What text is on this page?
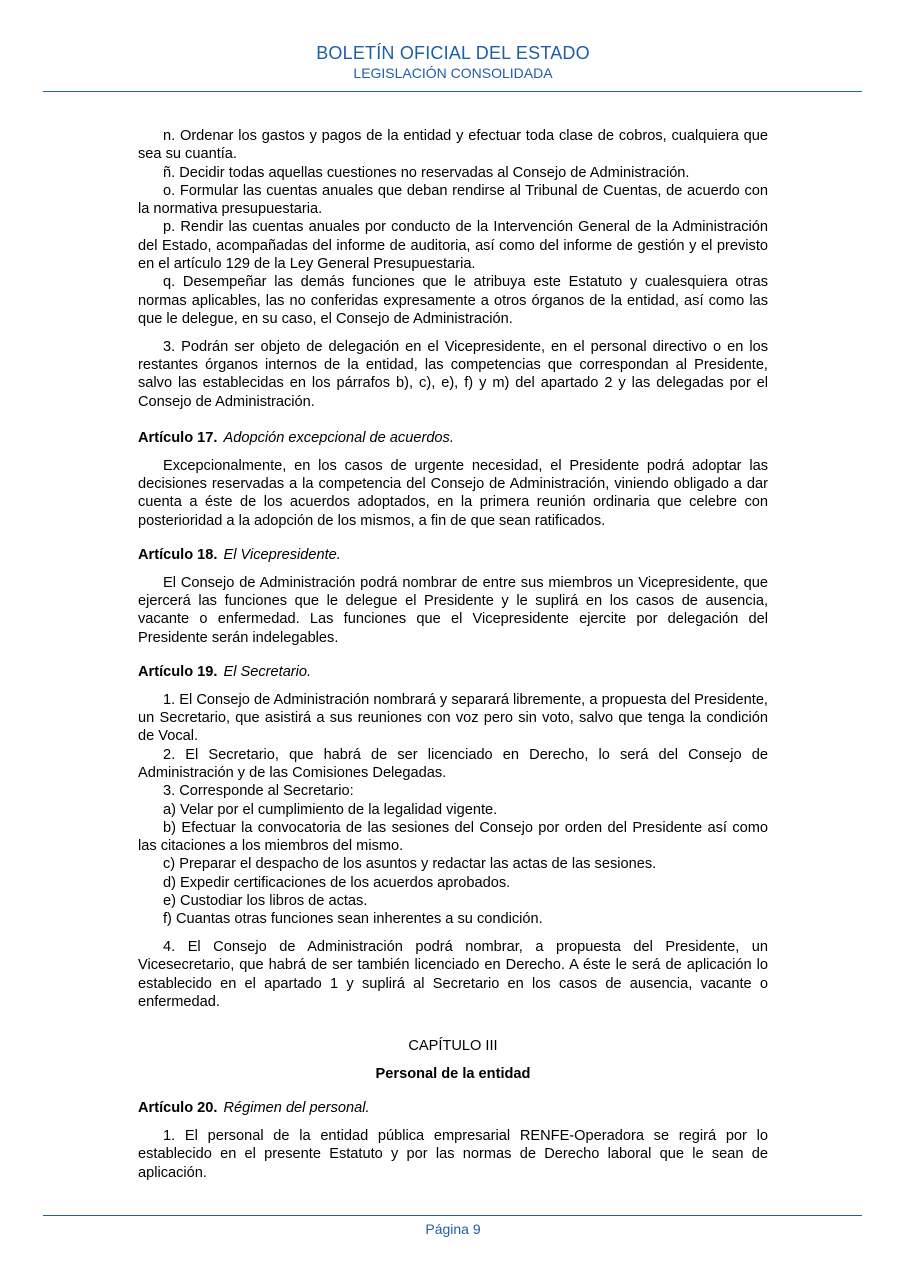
BOLETÍN OFICIAL DEL ESTADO
LEGISLACIÓN CONSOLIDADA

n. Ordenar los gastos y pagos de la entidad y efectuar toda clase de cobros, cualquiera que sea su cuantía.

ñ. Decidir todas aquellas cuestiones no reservadas al Consejo de Administración.

o. Formular las cuentas anuales que deban rendirse al Tribunal de Cuentas, de acuerdo con la normativa presupuestaria.

p. Rendir las cuentas anuales por conducto de la Intervención General de la Administración del Estado, acompañadas del informe de auditoria, así como del informe de gestión y el previsto en el artículo 129 de la Ley General Presupuestaria.

q. Desempeñar las demás funciones que le atribuya este Estatuto y cualesquiera otras normas aplicables, las no conferidas expresamente a otros órganos de la entidad, así como las que le delegue, en su caso, el Consejo de Administración.

3. Podrán ser objeto de delegación en el Vicepresidente, en el personal directivo o en los restantes órganos internos de la entidad, las competencias que correspondan al Presidente, salvo las establecidas en los párrafos b), c), e), f) y m) del apartado 2 y las delegadas por el Consejo de Administración.

Artículo 17. Adopción excepcional de acuerdos.

Excepcionalmente, en los casos de urgente necesidad, el Presidente podrá adoptar las decisiones reservadas a la competencia del Consejo de Administración, viniendo obligado a dar cuenta a éste de los acuerdos adoptados, en la primera reunión ordinaria que celebre con posterioridad a la adopción de los mismos, a fin de que sean ratificados.

Artículo 18. El Vicepresidente.

El Consejo de Administración podrá nombrar de entre sus miembros un Vicepresidente, que ejercerá las funciones que le delegue el Presidente y le suplirá en los casos de ausencia, vacante o enfermedad. Las funciones que el Vicepresidente ejercite por delegación del Presidente serán indelegables.

Artículo 19. El Secretario.

1. El Consejo de Administración nombrará y separará libremente, a propuesta del Presidente, un Secretario, que asistirá a sus reuniones con voz pero sin voto, salvo que tenga la condición de Vocal.

2. El Secretario, que habrá de ser licenciado en Derecho, lo será del Consejo de Administración y de las Comisiones Delegadas.

3. Corresponde al Secretario:

a) Velar por el cumplimiento de la legalidad vigente.

b) Efectuar la convocatoria de las sesiones del Consejo por orden del Presidente así como las citaciones a los miembros del mismo.

c) Preparar el despacho de los asuntos y redactar las actas de las sesiones.

d) Expedir certificaciones de los acuerdos aprobados.

e) Custodiar los libros de actas.

f) Cuantas otras funciones sean inherentes a su condición.

4. El Consejo de Administración podrá nombrar, a propuesta del Presidente, un Vicesecretario, que habrá de ser también licenciado en Derecho. A éste le será de aplicación lo establecido en el apartado 1 y suplirá al Secretario en los casos de ausencia, vacante o enfermedad.

CAPÍTULO III

Personal de la entidad

Artículo 20. Régimen del personal.

1. El personal de la entidad pública empresarial RENFE-Operadora se regirá por lo establecido en el presente Estatuto y por las normas de Derecho laboral que le sean de aplicación.

Página 9
